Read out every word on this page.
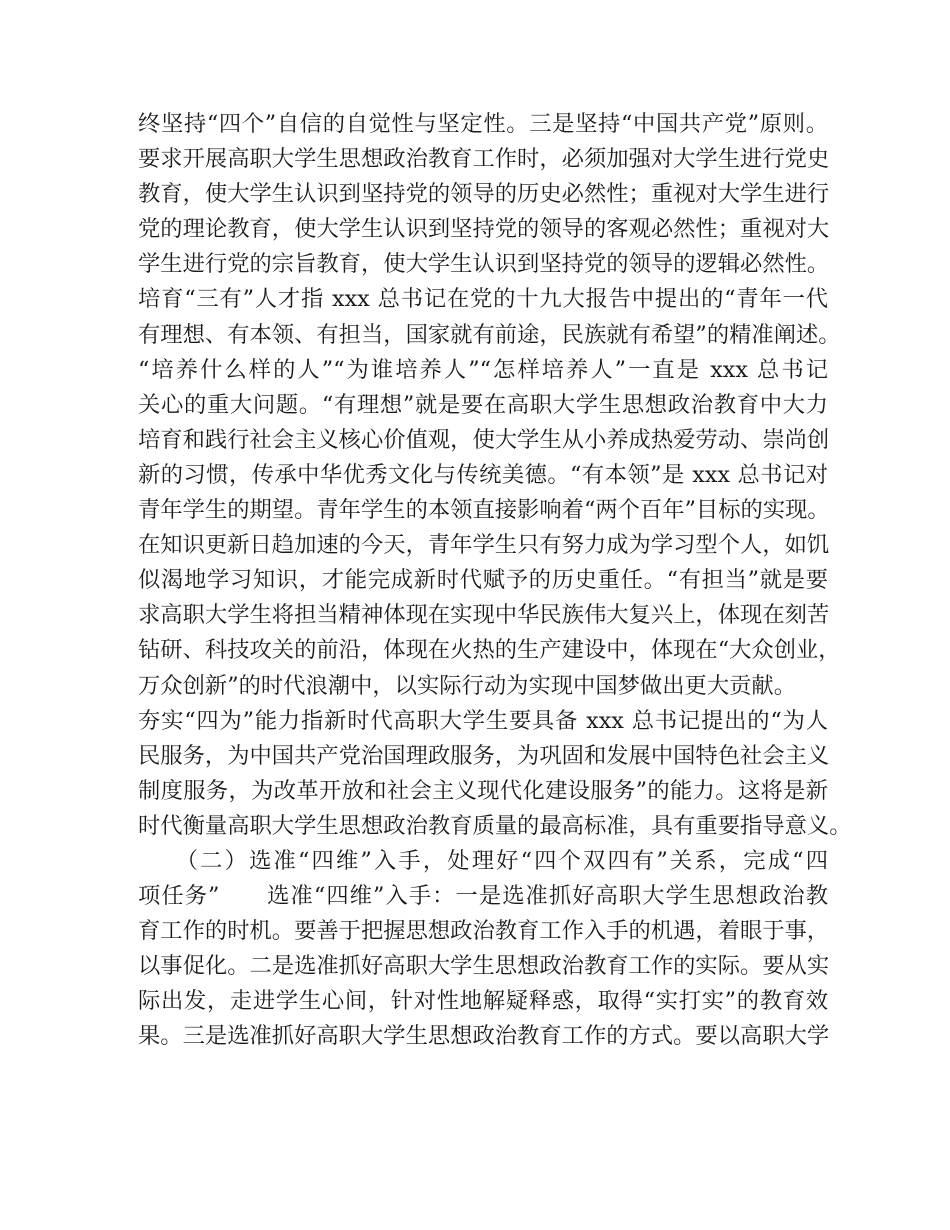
终坚持“四个”自信的自觉性与坚定性。三是坚持“中国共产党”原则。
要求开展高职大学生思想政治教育工作时，必须加强对大学生进行党史
教育，使大学生认识到坚持党的领导的历史必然性；重视对大学生进行
党的理论教育，使大学生认识到坚持党的领导的客观必然性；重视对大
学生进行党的宗旨教育，使大学生认识到坚持党的领导的逻辑必然性。
培育“三有”人才指 xxx 总书记在党的十九大报告中提出的“青年一代
有理想、有本领、有担当，国家就有前途，民族就有希望”的精准阐述。
“培养什么样的人”“为谁培养人”“怎样培养人”一直是 xxx 总书记
关心的重大问题。“有理想”就是要在高职大学生思想政治教育中大力
培育和践行社会主义核心价值观，使大学生从小养成热爱劳动、崇尚创
新的习惯，传承中华优秀文化与传统美德。“有本领”是 xxx 总书记对
青年学生的期望。青年学生的本领直接影响着“两个百年”目标的实现。
在知识更新日趋加速的今天，青年学生只有努力成为学习型个人，如饥
似渴地学习知识，才能完成新时代赋予的历史重任。“有担当”就是要
求高职大学生将担当精神体现在实现中华民族伟大复兴上，体现在刻苦
钻研、科技攻关的前沿，体现在火热的生产建设中，体现在“大众创业，
万众创新”的时代浪潮中，以实际行动为实现中国梦做出更大贡献。
夯实“四为”能力指新时代高职大学生要具备 xxx 总书记提出的“为人
民服务，为中国共产党治国理政服务，为巩固和发展中国特色社会主义
制度服务，为改革开放和社会主义现代化建设服务”的能力。这将是新
时代衡量高职大学生思想政治教育质量的最高标准，具有重要指导意义。
　　（二）选准“四维”入手，处理好“四个双四有”关系，完成“四
项任务”　　选准“四维”入手：一是选准抓好高职大学生思想政治教
育工作的时机。要善于把握思想政治教育工作入手的机遇，着眼于事，
以事促化。二是选准抓好高职大学生思想政治教育工作的实际。要从实
际出发，走进学生心间，针对性地解疑释惑，取得“实打实”的教育效
果。三是选准抓好高职大学生思想政治教育工作的方式。要以高职大学
